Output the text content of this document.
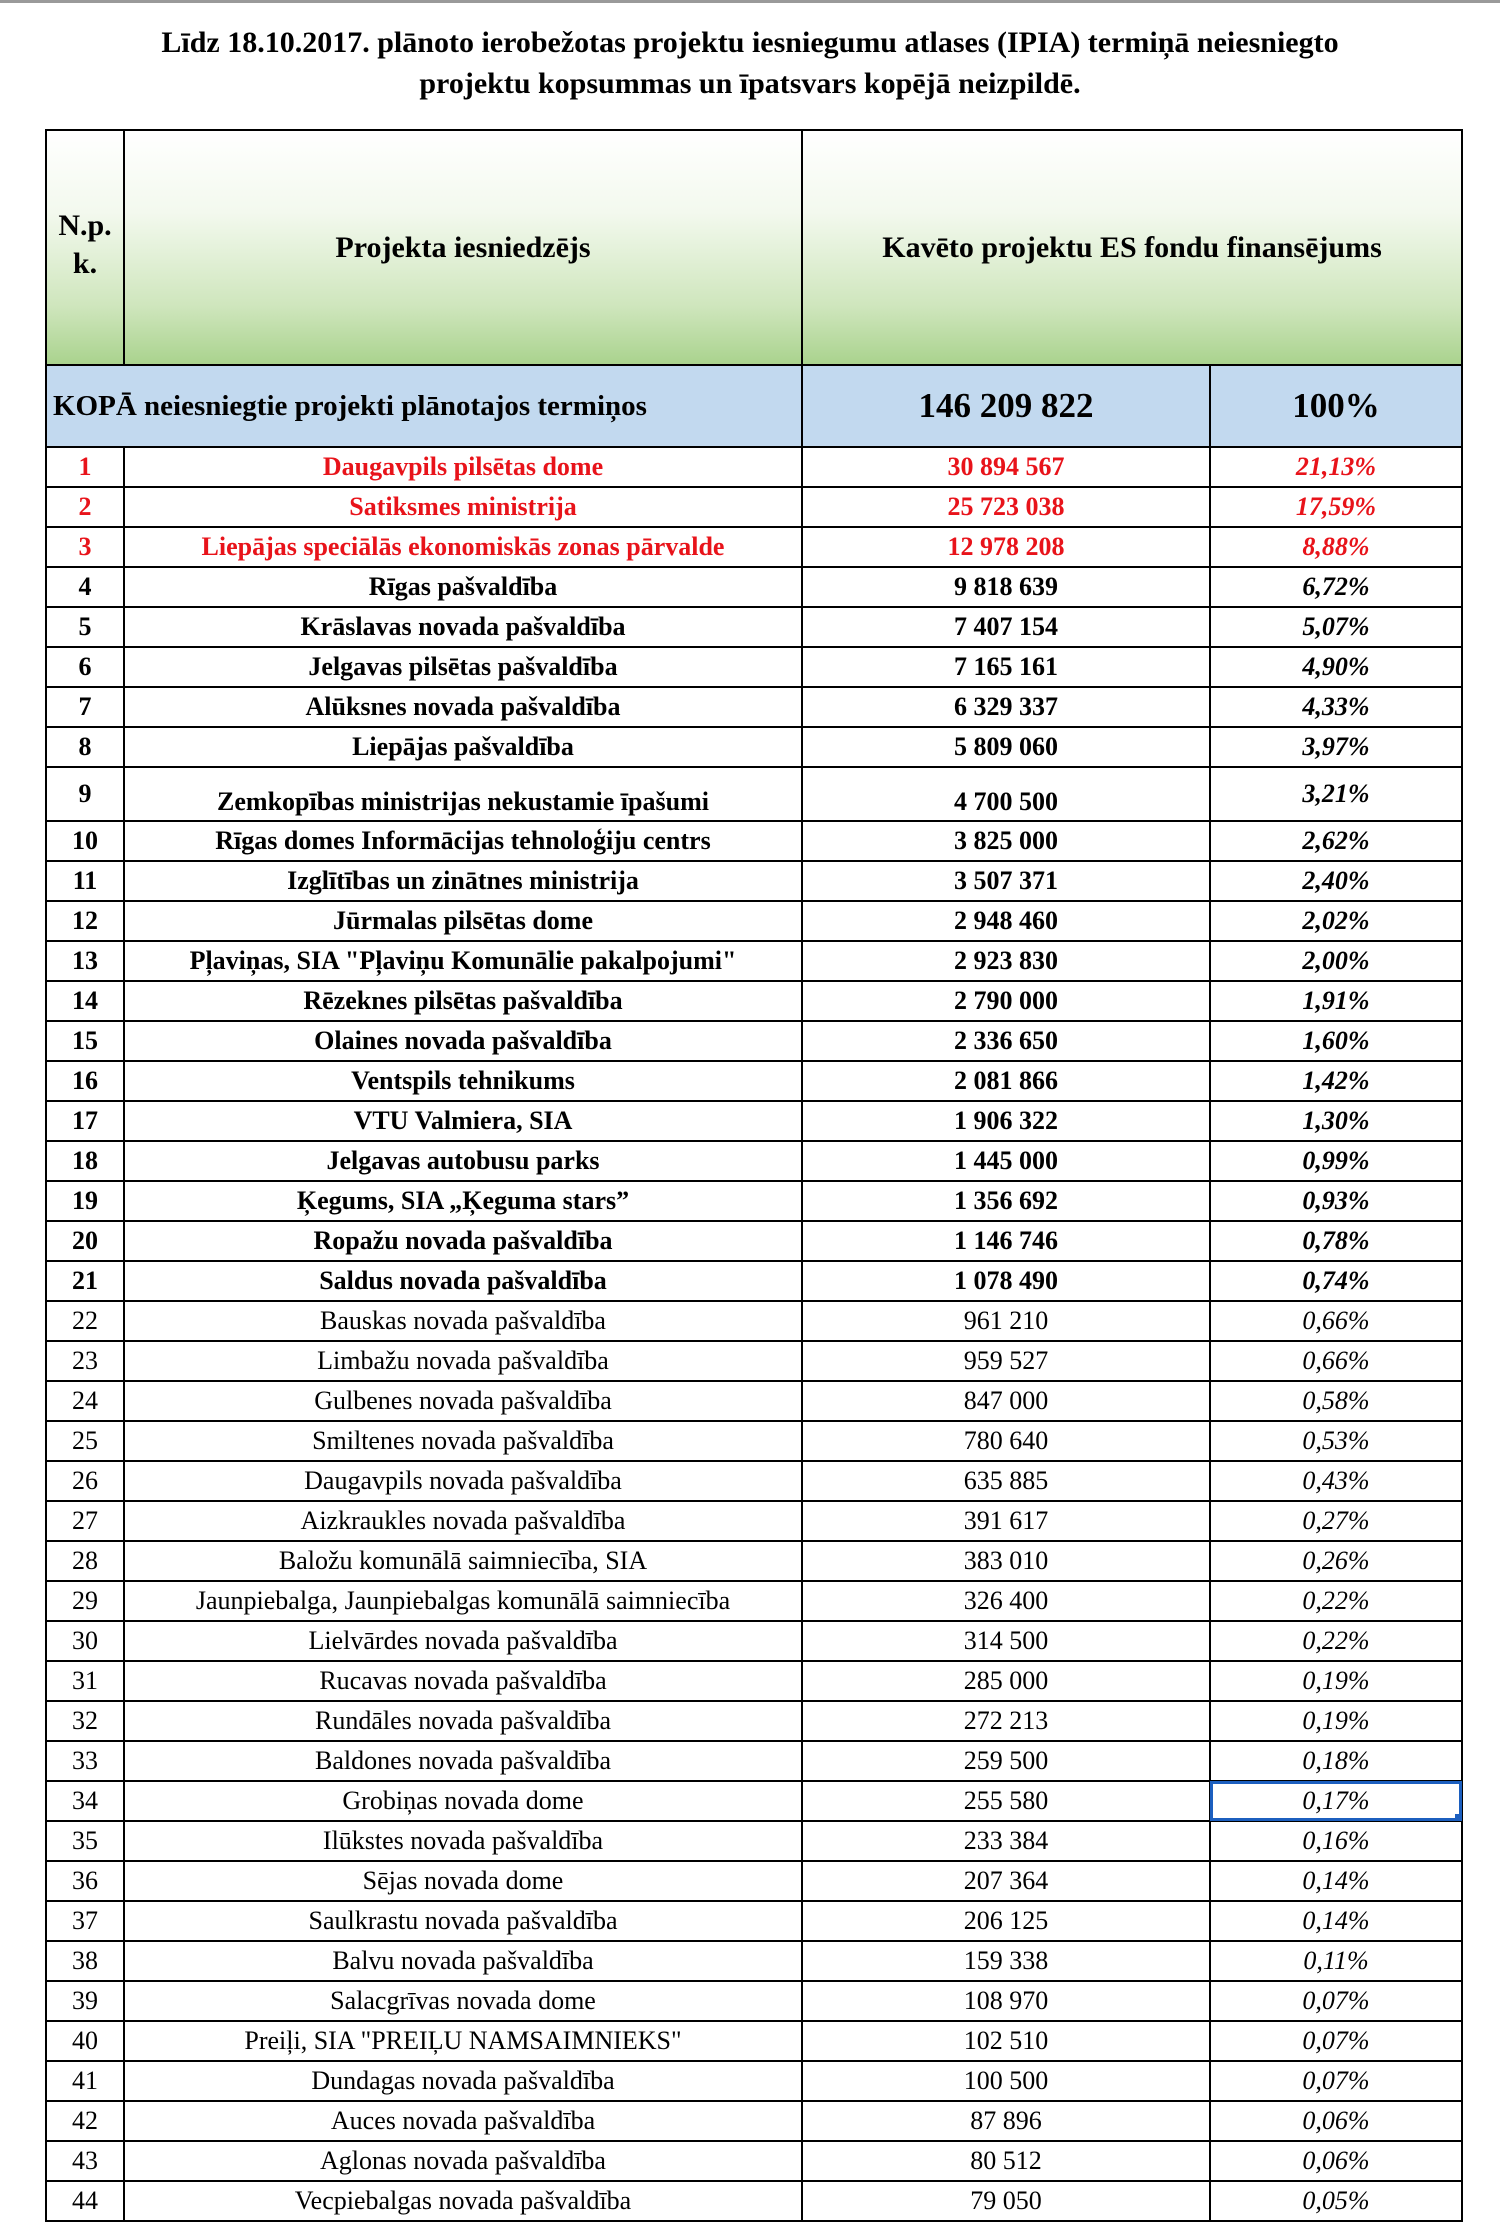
Līdz 18.10.2017. plānoto ierobežotas projektu iesniegumu atlases (IPIA) termiņā neiesniegto
projektu kopsummas un īpatsvars kopējā neizpildē.
N.p.
k.	Projekta iesniedzējs	Kavēto projektu ES fondu finansējums	
KOPĀ neiesniegtie projekti plānotajos termiņos		146 209 822	100%
1	Daugavpils pilsētas dome	30 894 567	21,13%
2	Satiksmes ministrija	25 723 038	17,59%
3	Liepājas speciālās ekonomiskās zonas pārvalde	12 978 208	8,88%
4	Rīgas pašvaldība	9 818 639	6,72%
5	Krāslavas novada pašvaldība	7 407 154	5,07%
6	Jelgavas pilsētas pašvaldība	7 165 161	4,90%
7	Alūksnes novada pašvaldība	6 329 337	4,33%
8	Liepājas pašvaldība	5 809 060	3,97%
9	Zemkopības ministrijas nekustamie īpašumi	4 700 500	3,21%
10	Rīgas domes Informācijas tehnoloģiju centrs	3 825 000	2,62%
11	Izglītības un zinātnes ministrija	3 507 371	2,40%
12	Jūrmalas pilsētas dome	2 948 460	2,02%
13	Pļaviņas, SIA "Pļaviņu Komunālie pakalpojumi"	2 923 830	2,00%
14	Rēzeknes pilsētas pašvaldība	2 790 000	1,91%
15	Olaines novada pašvaldība	2 336 650	1,60%
16	Ventspils tehnikums	2 081 866	1,42%
17	VTU Valmiera, SIA	1 906 322	1,30%
18	Jelgavas autobusu parks	1 445 000	0,99%
19	Ķegums, SIA „Ķeguma stars”	1 356 692	0,93%
20	Ropažu novada pašvaldība	1 146 746	0,78%
21	Saldus novada pašvaldība	1 078 490	0,74%
22	Bauskas novada pašvaldība	961 210	0,66%
23	Limbažu novada pašvaldība	959 527	0,66%
24	Gulbenes novada pašvaldība	847 000	0,58%
25	Smiltenes novada pašvaldība	780 640	0,53%
26	Daugavpils novada pašvaldība	635 885	0,43%
27	Aizkraukles novada pašvaldība	391 617	0,27%
28	Baložu komunālā saimniecība, SIA	383 010	0,26%
29	Jaunpiebalga, Jaunpiebalgas komunālā saimniecība	326 400	0,22%
30	Lielvārdes novada pašvaldība	314 500	0,22%
31	Rucavas novada pašvaldība	285 000	0,19%
32	Rundāles novada pašvaldība	272 213	0,19%
33	Baldones novada pašvaldība	259 500	0,18%
34	Grobiņas novada dome	255 580	0,17%

35	Ilūkstes novada pašvaldība	233 384	0,16%
36	Sējas novada dome	207 364	0,14%
37	Saulkrastu novada pašvaldība	206 125	0,14%
38	Balvu novada pašvaldība	159 338	0,11%
39	Salacgrīvas novada dome	108 970	0,07%
40	Preiļi, SIA "PREIĻU NAMSAIMNIEKS"	102 510	0,07%
41	Dundagas novada pašvaldība	100 500	0,07%
42	Auces novada pašvaldība	87 896	0,06%
43	Aglonas novada pašvaldība	80 512	0,06%
44	Vecpiebalgas novada pašvaldība	79 050	0,05%
